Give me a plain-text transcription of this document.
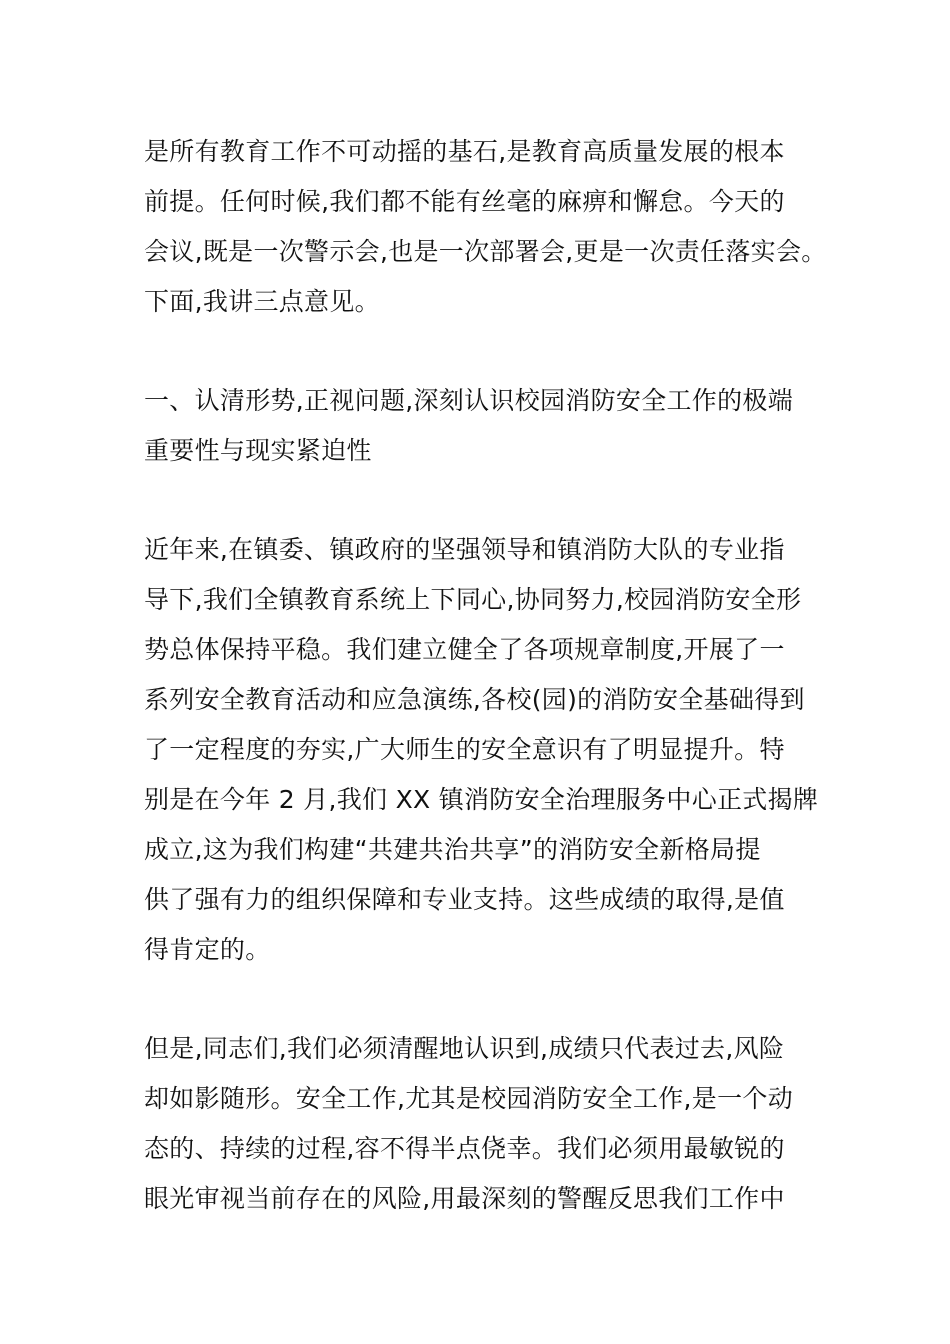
是所有教育工作不可动摇的基石,是教育高质量发展的根本
前提。任何时候,我们都不能有丝毫的麻痹和懈怠。今天的
会议,既是一次警示会,也是一次部署会,更是一次责任落实会。
下面,我讲三点意见。
一、认清形势,正视问题,深刻认识校园消防安全工作的极端
重要性与现实紧迫性
近年来,在镇委、镇政府的坚强领导和镇消防大队的专业指
导下,我们全镇教育系统上下同心,协同努力,校园消防安全形
势总体保持平稳。我们建立健全了各项规章制度,开展了一
系列安全教育活动和应急演练,各校(园)的消防安全基础得到
了一定程度的夯实,广大师生的安全意识有了明显提升。特
别是在今年 2 月,我们 XX 镇消防安全治理服务中心正式揭牌
成立,这为我们构建“共建共治共享”的消防安全新格局提
供了强有力的组织保障和专业支持。这些成绩的取得,是值
得肯定的。
但是,同志们,我们必须清醒地认识到,成绩只代表过去,风险
却如影随形。安全工作,尤其是校园消防安全工作,是一个动
态的、持续的过程,容不得半点侥幸。我们必须用最敏锐的
眼光审视当前存在的风险,用最深刻的警醒反思我们工作中
